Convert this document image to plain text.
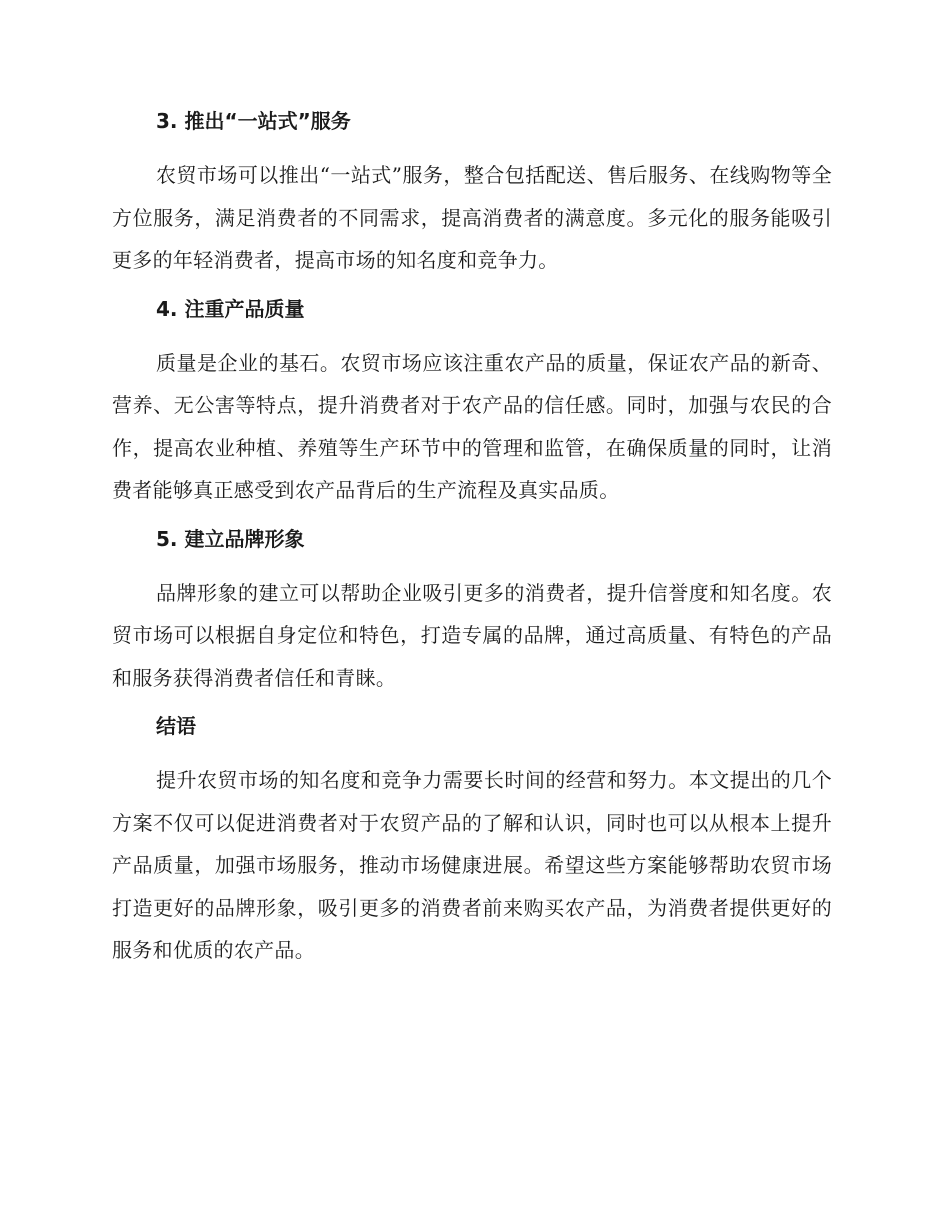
3. 推出“一站式”服务

农贸市场可以推出“一站式”服务，整合包括配送、售后服务、在线购物等全方位服务，满足消费者的不同需求，提高消费者的满意度。多元化的服务能吸引更多的年轻消费者，提高市场的知名度和竞争力。

4. 注重产品质量

质量是企业的基石。农贸市场应该注重农产品的质量，保证农产品的新奇、营养、无公害等特点，提升消费者对于农产品的信任感。同时，加强与农民的合作，提高农业种植、养殖等生产环节中的管理和监管，在确保质量的同时，让消费者能够真正感受到农产品背后的生产流程及真实品质。

5. 建立品牌形象

品牌形象的建立可以帮助企业吸引更多的消费者，提升信誉度和知名度。农贸市场可以根据自身定位和特色，打造专属的品牌，通过高质量、有特色的产品和服务获得消费者信任和青睐。

结语

提升农贸市场的知名度和竞争力需要长时间的经营和努力。本文提出的几个方案不仅可以促进消费者对于农贸产品的了解和认识，同时也可以从根本上提升产品质量，加强市场服务，推动市场健康进展。希望这些方案能够帮助农贸市场打造更好的品牌形象，吸引更多的消费者前来购买农产品，为消费者提供更好的服务和优质的农产品。
